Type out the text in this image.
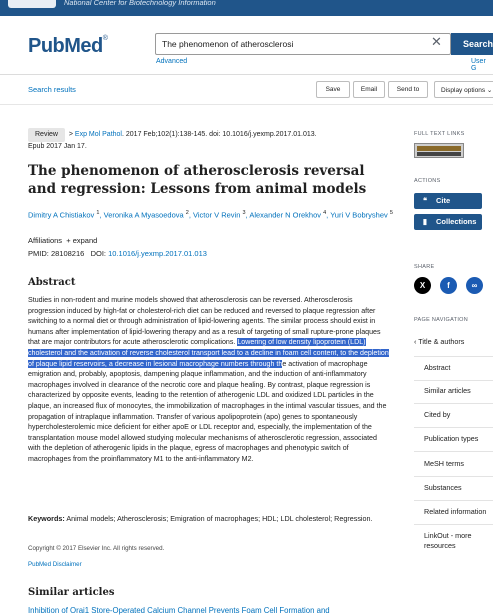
National Center for Biotechnology Information
PubMed®
The phenomenon of atherosclerosi	✕	Search
Advanced	User G
Search results	Save	Email	Send to	Display options ⌄
Review  > Exp Mol Pathol. 2017 Feb;102(1):138-145. doi: 10.1016/j.yexmp.2017.01.013.
Epub 2017 Jan 17.
The phenomenon of atherosclerosis reversal and regression: Lessons from animal models
Dimitry A Chistiakov $^1$, Veronika A Myasoedova $^2$, Victor V Revin $^3$, Alexander N Orekhov $^4$, Yuri V Bobryshev $^5$
Affiliations + expand
PMID: 28108216 DOI: 10.1016/j.yexmp.2017.01.013
Abstract

Studies in non-rodent and murine models showed that atherosclerosis can be reversed. Atherosclerosis progression induced by high-fat or cholesterol-rich diet can be reduced and reversed to plaque regression after switching to a normal diet or through administration of lipid-lowering agents. The similar process should exist in humans after implementation of lipid-lowering therapy and as a result of targeting of small rupture-prone plaques that are major contributors for acute atherosclerotic complications. Lowering of low density lipoprotein (LDL) cholesterol and the activation of reverse cholesterol transport lead to a decline in foam cell content, to the depletion of plaque lipid reservoirs, a decrease in lesional macrophage numbers through the activation of macrophage emigration and, probably, apoptosis, dampening plaque inflammation, and the induction of anti-inflammatory macrophages involved in clearance of the necrotic core and plaque healing. By contrast, plaque regression is characterized by opposite events, leading to the retention of atherogenic LDL and oxidized LDL particles in the plaque, an increased flux of monocytes, the immobilization of macrophages in the intimal vascular tissues, and the propagation of intraplaque inflammation. Transfer of various apolipoprotein (apo) genes to spontaneously hypercholesterolemic mice deficient for either apoE or LDL receptor and, especially, the implementation of the transplantation mouse model allowed studying molecular mechanisms of atherosclerotic regression, associated with the depletion of atherogenic lipids in the plaque, egress of macrophages and phenotypic switch of macrophages from the proinflammatory M1 to the anti-inflammatory M2.

Keywords: Animal models; Atherosclerosis; Emigration of macrophages; HDL; LDL cholesterol; Regression.

Copyright © 2017 Elsevier Inc. All rights reserved.
PubMed Disclaimer
Similar articles
Inhibition of Orai1 Store-Operated Calcium Channel Prevents Foam Cell Formation and
FULL TEXT LINKS
ACTIONS
❝ Cite
▮ Collections
SHARE
X	f	∞
PAGE NAVIGATION
‹ Title & authors
Abstract
Similar articles
Cited by
Publication types
MeSH terms
Substances
Related information
LinkOut - more resources
